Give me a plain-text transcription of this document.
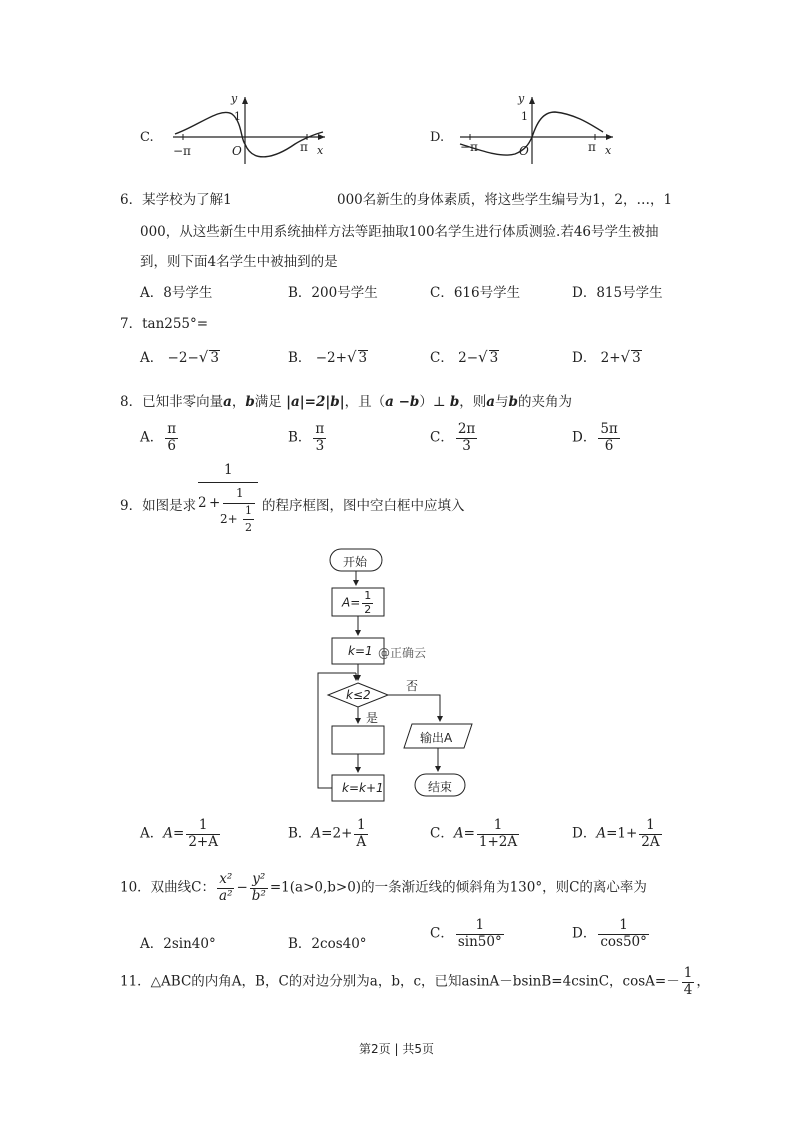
C.
y
1
−π	O	π x
D.
y
1
−π	O	π x
6．某学校为了解1	000名新生的身体素质，将这些学生编号为1，2，…，1
000，从这些新生中用系统抽样方法等距抽取100名学生进行体质测验.若46号学生被抽
到，则下面4名学生中被抽到的是
A．8号学生	B．200号学生	C．616号学生	D．815号学生
7．tan255°=
A． −2−√ 3	B． −2+√ 3	C． 2−√ 3	D． 2+√ 3
8．已知非零向量a，b满足 |a|=2|b|，且（a −b）⊥ b，则a与b的夹角为
A． $\frac{\pi}{6}$	B． $\frac{\pi}{3}$	C． $\frac{2\pi}{3}$	D． $\frac{5\pi}{6}$
9．如图是求
1
2 +
1
2+
1
2
的程序框图，图中空白框中应填入
开始
$A= \frac{1}{2}$
k=1 @正确云
k≤2
否
是
输出A
k=k+1	结束
A．$A= \frac{1}{2+A}$	B．$A=2+ \frac{1}{A}$	C．$A= \frac{1}{1+2A}$	D．$A=1+ \frac{1}{2A}$
10．双曲线C： $\frac{\text{x²}}{\text{a²}} - \frac{\text{y²}}{\text{b²}} =1(a>0,b>0)$的一条渐近线的倾斜角为130°，则C的离心率为
A．2sin40°	B．2cos40°
C． $\frac{1}{\sin 50^\circ}$	D． $\frac{1}{\cos 50^\circ}$
11．△ABC的内角A，B，C的对边分别为a，b，c，已知asinA－bsinB=4csinC，$\cos A=- \frac{1}{4}$ ，
第2页 | 共5页
